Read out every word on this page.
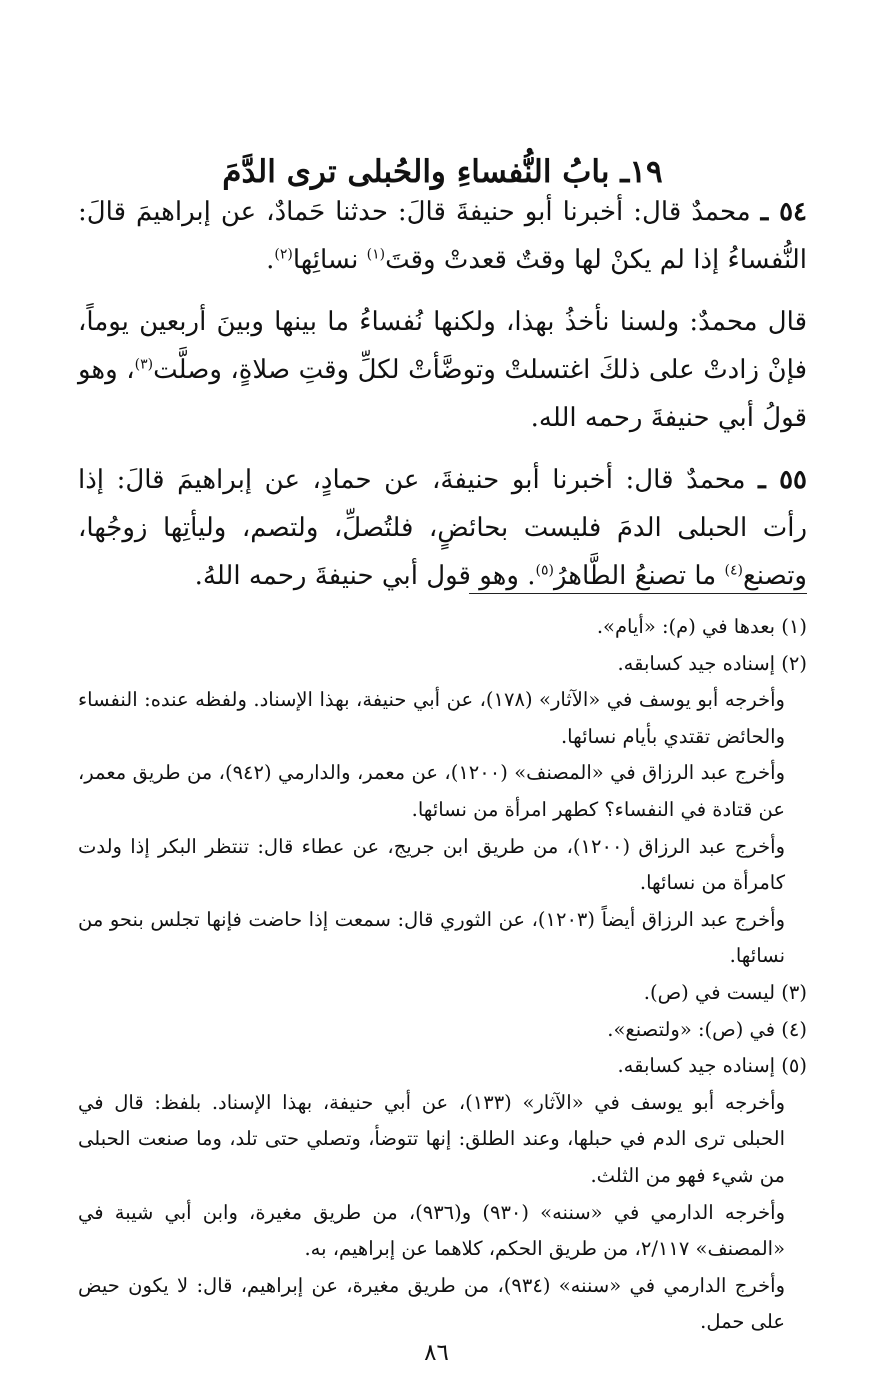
١٩ـ بابُ النُّفساءِ والحُبلى ترى الدَّمَ

٥٤ ـ محمدٌ قال: أخبرنا أبو حنيفةَ قالَ: حدثنا حَمادٌ، عن إبراهيمَ قالَ: النُّفساءُ إذا لم يكنْ لها وقتٌ قعدتْ وقتَ$^{(١)}$ نسائِها$^{(٢)}$.

قال محمدٌ: ولسنا نأخذُ بهذا، ولكنها نُفساءُ ما بينها وبينَ أربعين يوماً، فإنْ زادتْ على ذلكَ اغتسلتْ وتوضَّأتْ لكلِّ وقتِ صلاةٍ، وصلَّت$^{(٣)}$، وهو قولُ أبي حنيفةَ رحمه الله.

٥٥ ـ محمدٌ قال: أخبرنا أبو حنيفةَ، عن حمادٍ، عن إبراهيمَ قالَ: إذا رأت الحبلى الدمَ فليست بحائضٍ، فلتُصلِّ، ولتصم، وليأتِها زوجُها، وتصنع$^{(٤)}$ ما تصنعُ الطَّاهرُ$^{(٥)}$. وهو قول أبي حنيفةَ رحمه اللهُ.

(١) بعدها في (م): «أيام».

(٢) إسناده جيد كسابقه.

وأخرجه أبو يوسف في «الآثار» (١٧٨)، عن أبي حنيفة، بهذا الإسناد. ولفظه عنده: النفساء والحائض تقتدي بأيام نسائها.

وأخرج عبد الرزاق في «المصنف» (١٢٠٠)، عن معمر، والدارمي (٩٤٢)، من طريق معمر، عن قتادة في النفساء؟ كطهر امرأة من نسائها.

وأخرج عبد الرزاق (١٢٠٠)، من طريق ابن جريج، عن عطاء قال: تنتظر البكر إذا ولدت كامرأة من نسائها.

وأخرج عبد الرزاق أيضاً (١٢٠٣)، عن الثوري قال: سمعت إذا حاضت فإنها تجلس بنحو من نسائها.

(٣) ليست في (ص).

(٤) في (ص): «ولتصنع».

(٥) إسناده جيد كسابقه.

وأخرجه أبو يوسف في «الآثار» (١٣٣)، عن أبي حنيفة، بهذا الإسناد. بلفظ: قال في الحبلى ترى الدم في حبلها، وعند الطلق: إنها تتوضأ، وتصلي حتى تلد، وما صنعت الحبلى من شيء فهو من الثلث.

وأخرجه الدارمي في «سننه» (٩٣٠) و(٩٣٦)، من طريق مغيرة، وابن أبي شيبة في «المصنف» ٢/١١٧، من طريق الحكم، كلاهما عن إبراهيم، به.

وأخرج الدارمي في «سننه» (٩٣٤)، من طريق مغيرة، عن إبراهيم، قال: لا يكون حيض على حمل.

٨٦
